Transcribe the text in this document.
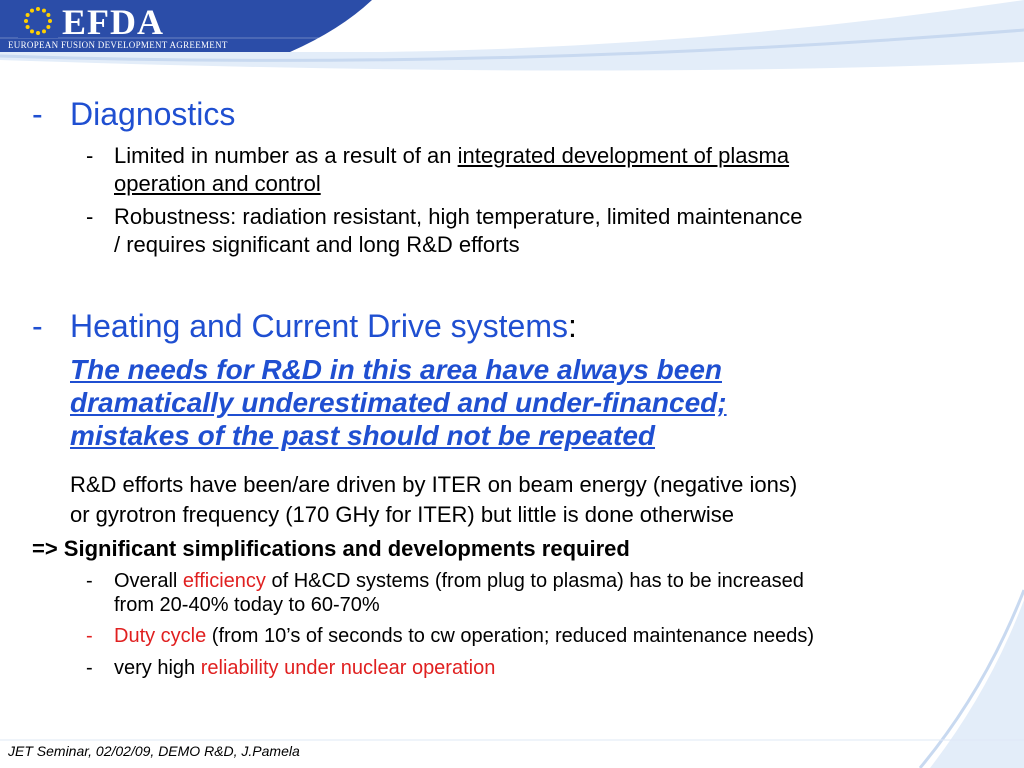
EFDA
EUROPEAN FUSION DEVELOPMENT AGREEMENT
- Diagnostics
- Limited in number as a result of an integrated development of plasma
operation and control
- Robustness: radiation resistant, high temperature, limited maintenance
/ requires significant and long R&D efforts
- Heating and Current Drive systems:
The needs for R&D in this area have always been
dramatically underestimated and under-financed;
mistakes of the past should not be repeated
R&D efforts have been/are driven by ITER on beam energy (negative ions)
or gyrotron frequency (170 GHy for ITER) but little is done otherwise
=> Significant simplifications and developments required
- Overall efficiency of H&CD systems (from plug to plasma) has to be increased
from 20-40% today to 60-70%
- Duty cycle (from 10’s of seconds to cw operation; reduced maintenance needs)
- very high reliability under nuclear operation
JET Seminar, 02/02/09, DEMO R&D, J.Pamela
